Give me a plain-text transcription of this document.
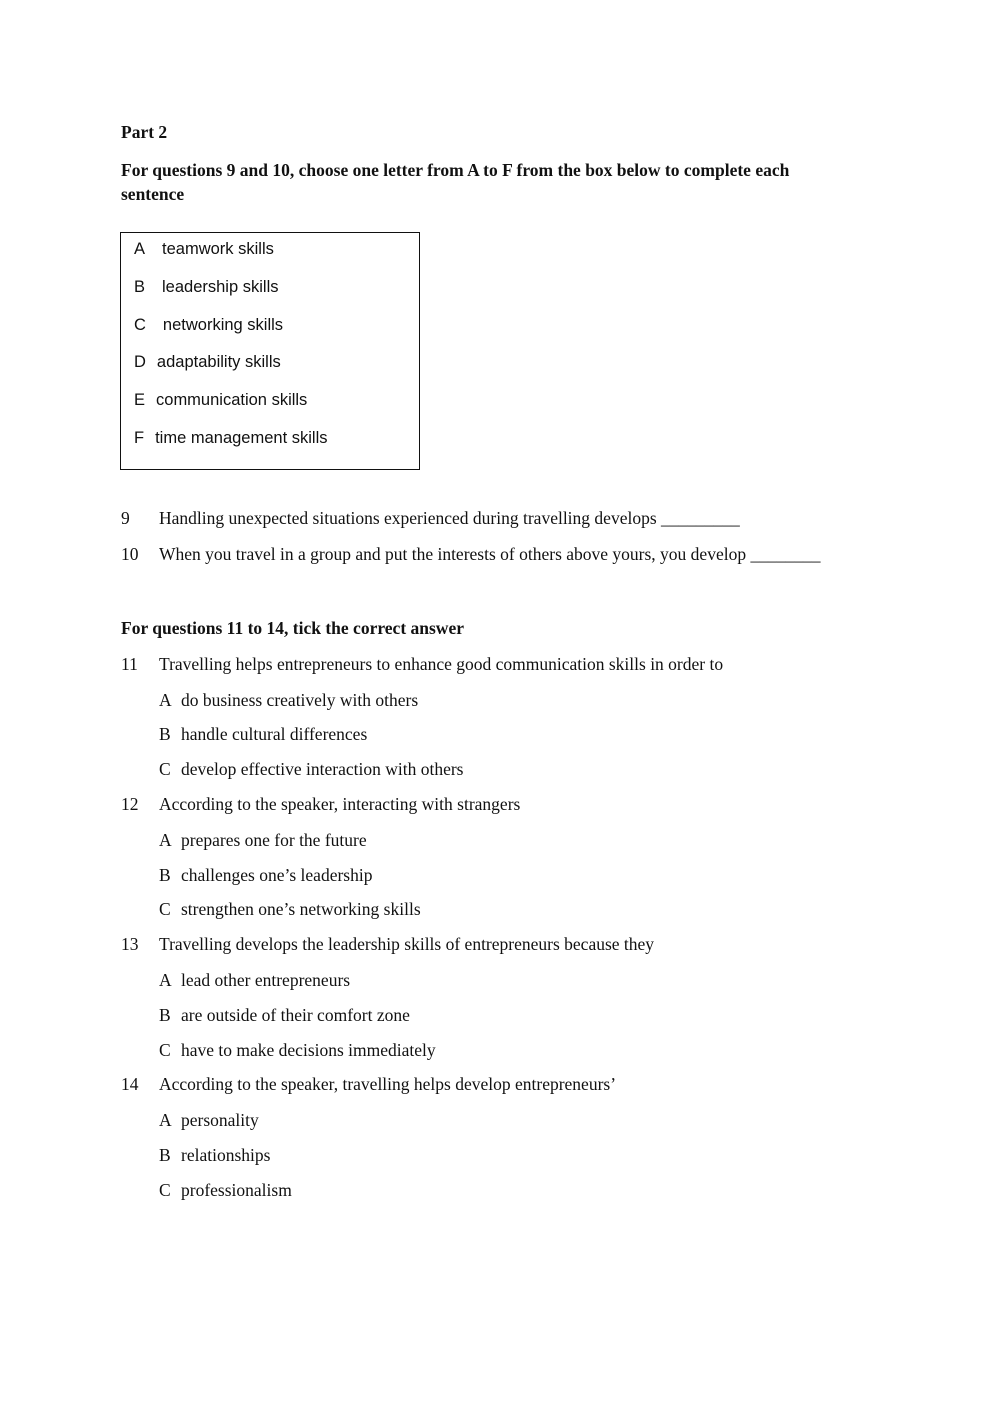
Part 2
For questions 9 and 10, choose one letter from A to F from the box below to complete each sentence
A teamwork skills
B leadership skills
C networking skills
D adaptability skills
E communication skills
F time management skills
9 Handling unexpected situations experienced during travelling develops _________
10 When you travel in a group and put the interests of others above yours, you develop ________
For questions 11 to 14, tick the correct answer
11 Travelling helps entrepreneurs to enhance good communication skills in order to
A do business creatively with others
B handle cultural differences
C develop effective interaction with others
12 According to the speaker, interacting with strangers
A prepares one for the future
B challenges one’s leadership
C strengthen one’s networking skills
13 Travelling develops the leadership skills of entrepreneurs because they
A lead other entrepreneurs
B are outside of their comfort zone
C have to make decisions immediately
14 According to the speaker, travelling helps develop entrepreneurs’
A personality
B relationships
C professionalism
